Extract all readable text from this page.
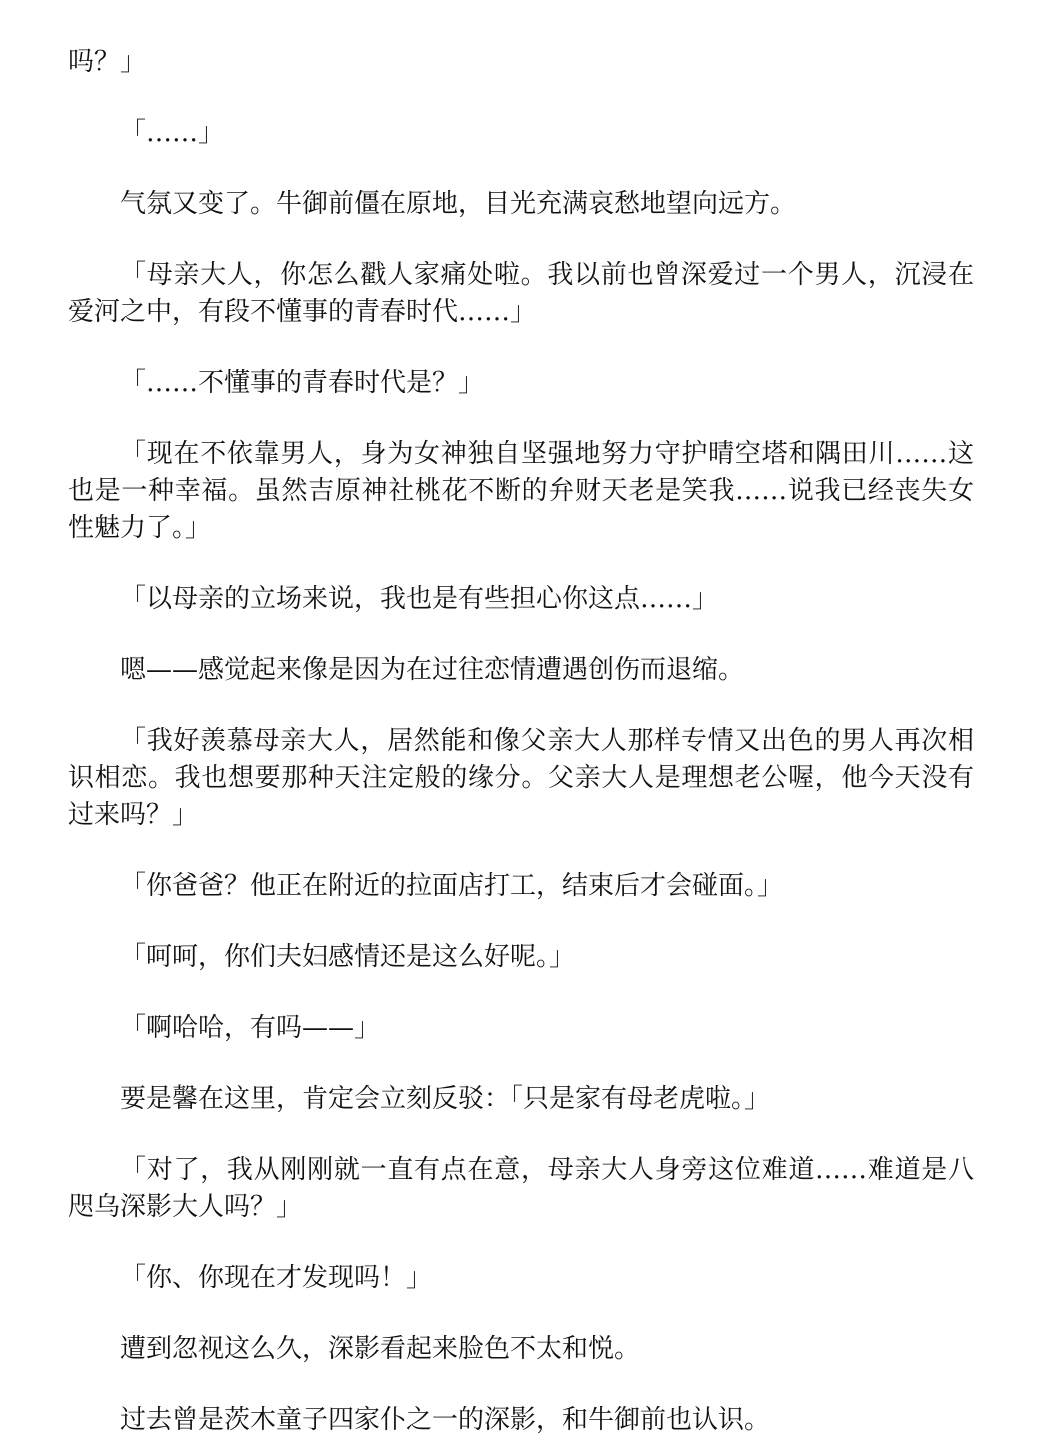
吗？」

「……」

气氛又变了。牛御前僵在原地，目光充满哀愁地望向远方。

「母亲大人，你怎么戳人家痛处啦。我以前也曾深爱过一个男人，沉浸在爱河之中，有段不懂事的青春时代……」

「……不懂事的青春时代是？」

「现在不依靠男人，身为女神独自坚强地努力守护晴空塔和隅田川……这也是一种幸福。虽然吉原神社桃花不断的弁财天老是笑我……说我已经丧失女性魅力了。」

「以母亲的立场来说，我也是有些担心你这点……」

嗯——感觉起来像是因为在过往恋情遭遇创伤而退缩。

「我好羡慕母亲大人，居然能和像父亲大人那样专情又出色的男人再次相识相恋。我也想要那种天注定般的缘分。父亲大人是理想老公喔，他今天没有过来吗？」

「你爸爸？他正在附近的拉面店打工，结束后才会碰面。」

「呵呵，你们夫妇感情还是这么好呢。」

「啊哈哈，有吗——」

要是馨在这里，肯定会立刻反驳：「只是家有母老虎啦。」

「对了，我从刚刚就一直有点在意，母亲大人身旁这位难道……难道是八咫乌深影大人吗？」

「你、你现在才发现吗！」

遭到忽视这么久，深影看起来脸色不太和悦。

过去曾是茨木童子四家仆之一的深影，和牛御前也认识。
